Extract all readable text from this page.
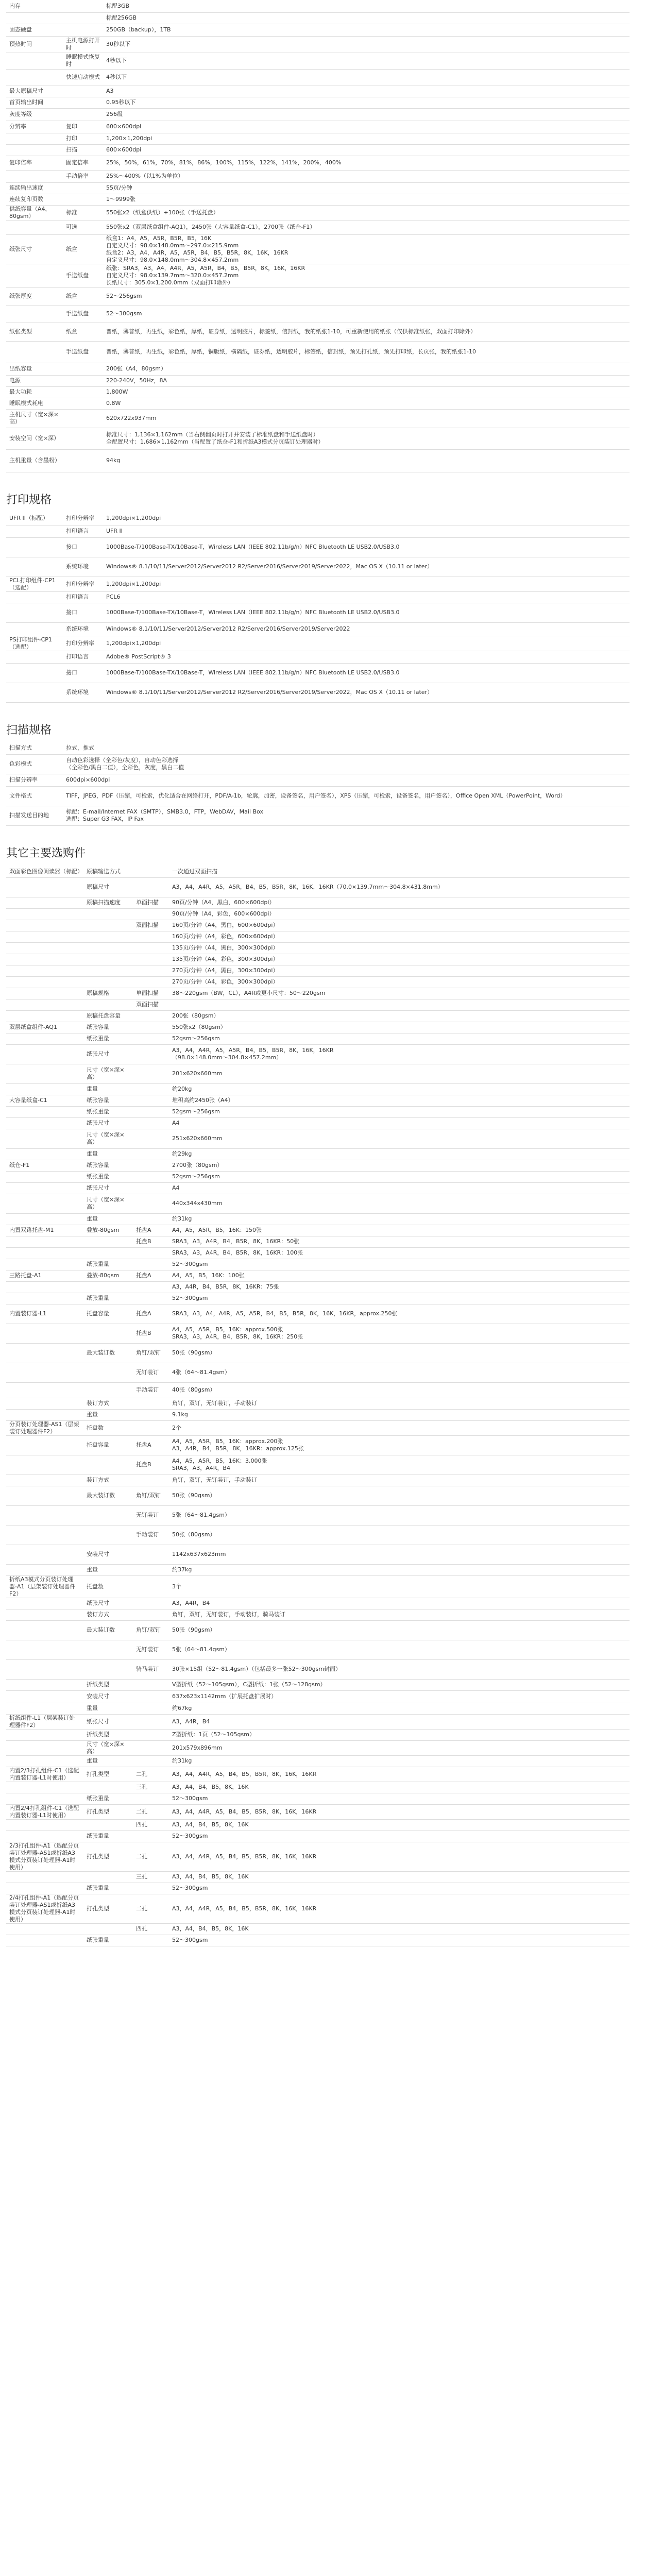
内存		标配3GB
		标配256GB
固态硬盘		250GB（backup），1TB
预热时间	主机电源打开时	30秒以下
	睡眠模式恢复时	4秒以下
	快速启动模式	4秒以下
最大原稿尺寸		A3
首页输出时间		0.95秒以下
灰度等级		256级
分辨率	复印	600×600dpi
	打印	1,200×1,200dpi
	扫描	600×600dpi
复印倍率	固定倍率	25%，50%，61%，70%，81%，86%，100%，115%，122%，141%，200%，400%
	手动倍率	25%～400%（以1%为单位）
连续输出速度		55页/分钟
连续复印页数		1～9999张
供纸容量（A4，80gsm）	标准	550张x2（纸盒供纸）+100张（手送托盘）
	可选	550张x2（双层纸盒组件-AQ1），2450张（大容量纸盒-C1），2700张（纸仓-F1）
纸张尺寸	纸盒	纸盒1：A4，A5，A5R，B5R，B5，16K
自定义尺寸：98.0×148.0mm～297.0×215.9mm
纸盒2：A3，A4，A4R，A5，A5R，B4，B5，B5R，8K，16K，16KR
自定义尺寸：98.0×148.0mm～304.8×457.2mm
	手送纸盘	纸张：SRA3，A3，A4，A4R，A5，A5R，B4，B5，B5R，8K，16K，16KR
自定义尺寸：98.0×139.7mm～320.0×457.2mm
长纸尺寸：305.0×1,200.0mm（双面打印除外）
纸张厚度	纸盒	52～256gsm
	手送纸盘	52～300gsm
纸张类型	纸盒	普纸，薄普纸，再生纸，彩色纸，厚纸，证券纸，透明胶片，标签纸，信封纸，我的纸张1-10，可重新使用的纸张（仅供标准纸张，双面打印除外）
	手送纸盘	普纸，薄普纸，再生纸，彩色纸，厚纸，铜版纸，横隔纸，证券纸，透明胶片，标签纸，信封纸，预先打孔纸，预先打印纸，长页张，我的纸张1-10
出纸容量		200张（A4，80gsm）
电源		220-240V，50Hz，8A
最大功耗		1,800W
睡眠模式耗电		0.8W
主机尺寸（宽×深×高）		620x722x937mm
安装空间（宽×深）		标准尺寸：1,136×1,162mm（当右侧翻页时打开并安装了标准纸盘和手送纸盘时）
全配置尺寸：1,686×1,162mm（当配置了纸仓-F1和折纸A3模式分页装订处理器时）
主机重量（含墨粉）		94kg
打印规格
UFR II（标配）	打印分辨率	1,200dpi×1,200dpi
	打印语言	UFR II
	接口	1000Base-T/100Base-TX/10Base-T，Wireless LAN（IEEE 802.11b/g/n）NFC Bluetooth LE USB2.0/USB3.0
	系统环境	Windows® 8.1/10/11/Server2012/Server2012 R2/Server2016/Server2019/Server2022，Mac OS X（10.11 or later）
PCL打印组件-CP1（选配）	打印分辨率	1,200dpi×1,200dpi
	打印语言	PCL6
	接口	1000Base-T/100Base-TX/10Base-T，Wireless LAN（IEEE 802.11b/g/n）NFC Bluetooth LE USB2.0/USB3.0
	系统环境	Windows® 8.1/10/11/Server2012/Server2012 R2/Server2016/Server2019/Server2022
PS打印组件-CP1（选配）	打印分辨率	1,200dpi×1,200dpi
	打印语言	Adobe® PostScript® 3
	接口	1000Base-T/100Base-TX/10Base-T，Wireless LAN（IEEE 802.11b/g/n）NFC Bluetooth LE USB2.0/USB3.0
	系统环境	Windows® 8.1/10/11/Server2012/Server2012 R2/Server2016/Server2019/Server2022，Mac OS X（10.11 or later）
扫描规格
扫描方式	拉式，推式
色彩模式	自动色彩选择（全彩色/灰度），自动色彩选择
（全彩色/黑白二值），全彩色，灰度，黑白二值
扫描分辨率	600dpi×600dpi
文件格式	TIFF，JPEG，PDF（压缩，可检索，优化适合在网络打开，PDF/A-1b，轮廓，加密，设备签名，用户签名），XPS（压缩，可检索，设备签名，用户签名），Office Open XML（PowerPoint，Word）
扫描发送目的地	标配：E-mail/Internet FAX（SMTP），SMB3.0，FTP，WebDAV，Mail Box
选配：Super G3 FAX，IP Fax
其它主要选购件
双面彩色图像阅读器（标配）	原稿输送方式		一次通过双面扫描
	原稿尺寸		A3，A4，A4R，A5，A5R，B4，B5，B5R，8K，16K，16KR（70.0×139.7mm～304.8×431.8mm）
	原稿扫描速度	单面扫描	90页/分钟（A4，黑白，600×600dpi）
			90页/分钟（A4，彩色，600×600dpi）
		双面扫描	160页/分钟（A4，黑白，600×600dpi）
			160页/分钟（A4，彩色，600×600dpi）
			135页/分钟（A4，黑白，300×300dpi）
			135页/分钟（A4，彩色，300×300dpi）
			270页/分钟（A4，黑白，300×300dpi）
			270页/分钟（A4，彩色，300×300dpi）
	原稿规格	单面扫描	38～220gsm（BW，CL），A4R或更小尺寸：50～220gsm
		双面扫描	
	原稿托盘容量		200张（80gsm）
双层纸盒组件-AQ1	纸张容量		550张x2（80gsm）
	纸张重量		52gsm～256gsm
	纸张尺寸		A3，A4，A4R，A5，A5R，B4，B5，B5R，8K，16K，16KR
（98.0×148.0mm～304.8×457.2mm）
	尺寸（宽×深×高）		201x620x660mm
	重量		约20kg
大容量纸盒-C1	纸张容量		堆积高约2450张（A4）
	纸张重量		52gsm～256gsm
	纸张尺寸		A4
	尺寸（宽×深×高）		251x620x660mm
	重量		约29kg
纸仓-F1	纸张容量		2700张（80gsm）
	纸张重量		52gsm～256gsm
	纸张尺寸		A4
	尺寸（宽×深×高）		440x344x430mm
	重量		约31kg
内置双路托盘-M1	叠放-80gsm	托盘A	A4，A5，A5R，B5，16K：150张
		托盘B	SRA3，A3，A4R，B4，B5R，8K，16KR：50张
			SRA3，A3，A4R，B4，B5R，8K，16KR：100张
	纸张重量		52～300gsm
三路托盘-A1	叠放-80gsm	托盘A	A4，A5，B5，16K：100张
			A3，A4R，B4，B5R，8K，16KR：75张
	纸张重量		52～300gsm
内置装订器-L1	托盘容量	托盘A	SRA3，A3，A4，A4R，A5，A5R，B4，B5，B5R，8K，16K，16KR，approx.250张
		托盘B	A4，A5，A5R，B5，16K：approx.500张
SRA3，A3，A4R，B4，B5R，8K，16KR：250张
	最大装订数	角钉/双钉	50张（90gsm）
		无钉装订	4张（64～81.4gsm）
		手动装订	40张（80gsm）
	装订方式		角钉，双钉，无钉装订，手动装订
	重量		9.1kg
分页装订处理器-AS1（层架装订处理器件F2）	托盘数		2个
	托盘容量	托盘A	A4，A5，A5R，B5，16K：approx.200张
A3，A4R，B4，B5R，8K，16KR：approx.125张
		托盘B	A4，A5，A5R，B5，16K：3,000张
SRA3，A3，A4R，B4
	装订方式		角钉，双钉，无钉装订，手动装订
	最大装订数	角钉/双钉	50张（90gsm）
		无钉装订	5张（64～81.4gsm）
		手动装订	50张（80gsm）
	安装尺寸		1142x637x623mm
	重量		约37kg
折纸A3模式分页装订处理器-A1（层架装订处理器件F2）	托盘数		3个
	纸张尺寸		A3，A4R，B4
	装订方式		角钉，双钉，无钉装订，手动装订，骑马装订
	最大装订数	角钉/双钉	50张（90gsm）
		无钉装订	5张（64～81.4gsm）
		骑马装订	30张×15组（52～81.4gsm）（包括最多一张52～300gsm封面）
	折纸类型		V型折纸（52～105gsm），C型折纸：1张（52～128gsm）
	安装尺寸		637x623x1142mm（扩展托盘扩展时）
	重量		约67kg
折纸组件-L1（层架装订处理器件F2）	纸张尺寸		A3，A4R，B4
	折纸类型		Z型折纸：1页（52～105gsm）
	尺寸（宽×深×高）		201x579x896mm
	重量		约31kg
内置2/3打孔组件-C1（选配内置装订器-L1时使用）	打孔类型	二孔	A3，A4，A4R，A5，B4，B5，B5R，8K，16K，16KR
		三孔	A3，A4，B4，B5，8K，16K
	纸张重量		52～300gsm
内置2/4打孔组件-C1（选配内置装订器-L1时使用）	打孔类型	二孔	A3，A4，A4R，A5，B4，B5，B5R，8K，16K，16KR
		四孔	A3，A4，B4，B5，8K，16K
	纸张重量		52～300gsm
2/3打孔组件-A1（选配分页装订处理器-AS1或折纸A3模式分页装订处理器-A1时使用）	打孔类型	二孔	A3，A4，A4R，A5，B4，B5，B5R，8K，16K，16KR
		三孔	A3，A4，B4，B5，8K，16K
	纸张重量		52～300gsm
2/4打孔组件-A1（选配分页装订处理器-AS1或折纸A3模式分页装订处理器-A1时使用）	打孔类型	二孔	A3，A4，A4R，A5，B4，B5，B5R，8K，16K，16KR
		四孔	A3，A4，B4，B5，8K，16K
	纸张重量		52～300gsm
